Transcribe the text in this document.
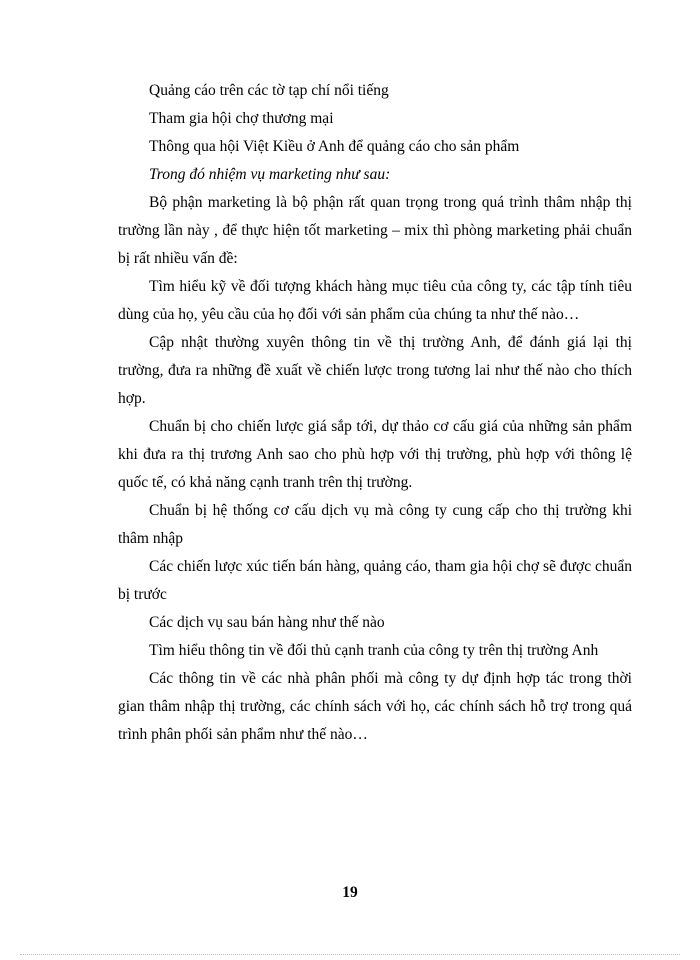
Quảng cáo trên các tờ tạp chí nổi tiếng

Tham gia hội chợ thương mại

Thông qua hội Việt Kiều ở Anh để quảng cáo cho sản phẩm

Trong đó nhiệm vụ marketing như sau:

Bộ phận marketing là bộ phận rất quan trọng trong quá trình thâm nhập thị trường lần này , để thực hiện tốt marketing – mix thì phòng marketing phải chuẩn bị rất nhiều vấn đề:

Tìm hiểu kỹ về đối tượng khách hàng mục tiêu của công ty, các tập tính tiêu dùng của họ, yêu cầu của họ đối với sản phẩm của chúng ta như thế nào…

Cập nhật thường xuyên thông tin về thị trường Anh, để đánh giá lại thị trường, đưa ra những đề xuất về chiến lược trong tương lai như thế nào cho thích hợp.

Chuẩn bị cho chiến lược giá sắp tới, dự thảo cơ cấu giá của những sản phẩm khi đưa ra thị trương Anh sao cho phù hợp với thị trường, phù hợp với thông lệ quốc tế, có khả năng cạnh tranh trên thị trường.

Chuẩn bị hệ thống cơ cấu dịch vụ mà công ty cung cấp cho thị trường khi thâm nhập

Các chiến lược xúc tiến bán hàng, quảng cáo, tham gia hội chợ sẽ được chuẩn bị trước

Các dịch vụ sau bán hàng như thế nào

Tìm hiểu thông tin về đối thủ cạnh tranh của công ty trên thị trường Anh

Các thông tin về các nhà phân phối mà công ty dự định hợp tác trong thời gian thâm nhập thị trường, các chính sách với họ, các chính sách hỗ trợ trong quá trình phân phối sản phẩm như thế nào…

19
